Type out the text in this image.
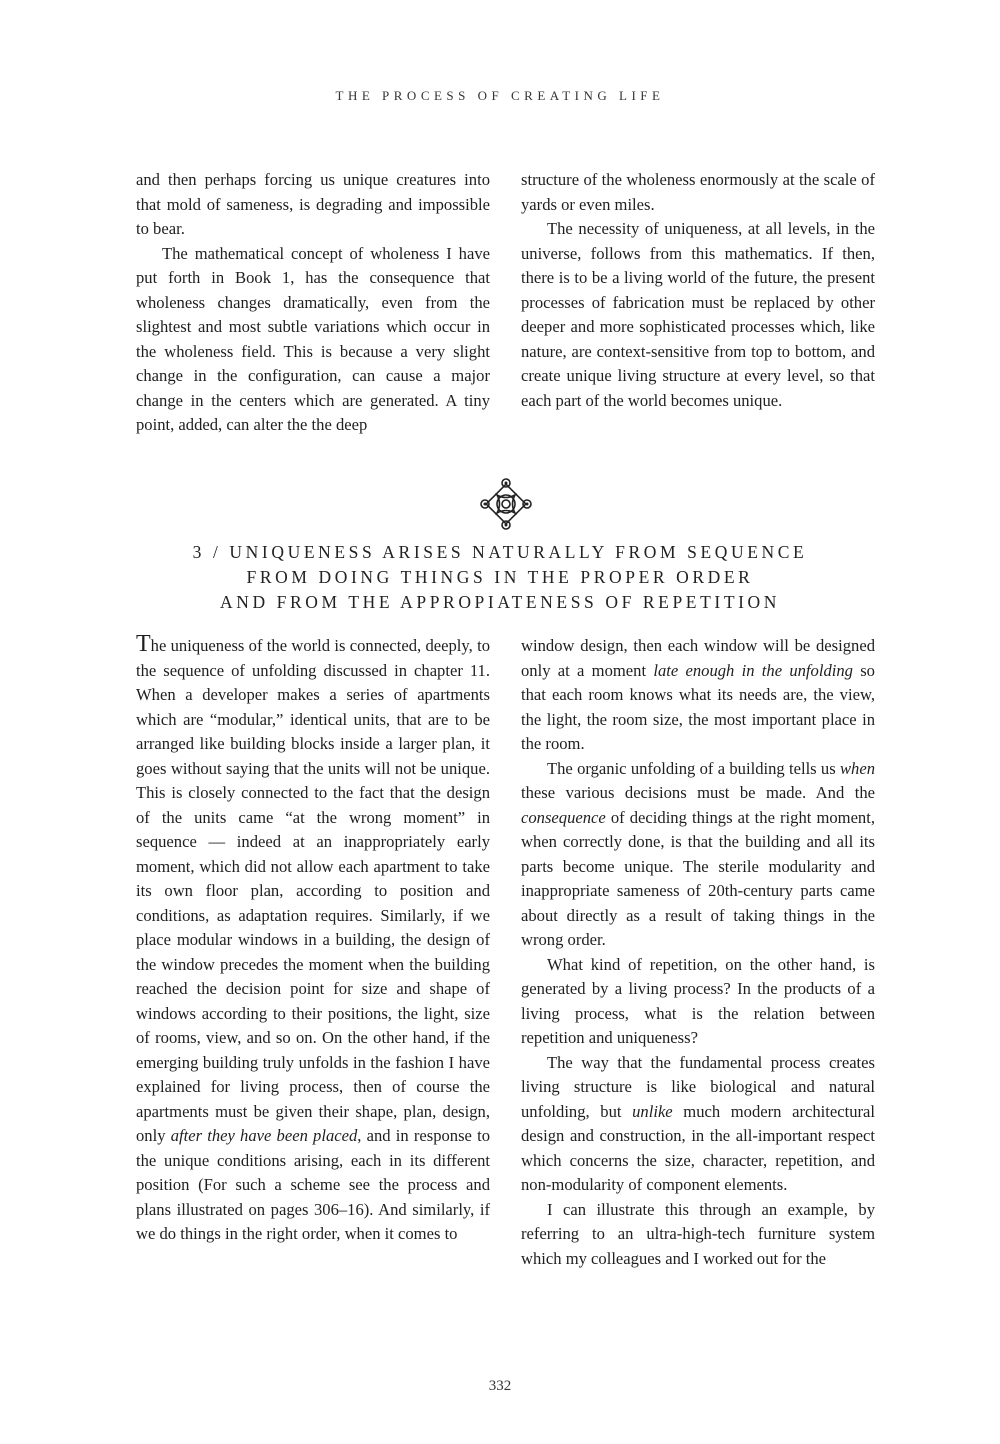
THE PROCESS OF CREATING LIFE

and then perhaps forcing us unique creatures into that mold of sameness, is degrading and impossible to bear.

The mathematical concept of wholeness I have put forth in Book 1, has the consequence that wholeness changes dramatically, even from the slightest and most subtle variations which occur in the wholeness field. This is because a very slight change in the configuration, can cause a major change in the centers which are generated. A tiny point, added, can alter the the deep

structure of the wholeness enormously at the scale of yards or even miles.

The necessity of uniqueness, at all levels, in the universe, follows from this mathematics. If then, there is to be a living world of the future, the present processes of fabrication must be replaced by other deeper and more sophisticated processes which, like nature, are context-sensitive from top to bottom, and create unique living structure at every level, so that each part of the world becomes unique.

3 / UNIQUENESS ARISES NATURALLY FROM SEQUENCE
FROM DOING THINGS IN THE PROPER ORDER
AND FROM THE APPROPIATENESS OF REPETITION

The uniqueness of the world is connected, deeply, to the sequence of unfolding discussed in chapter 11. When a developer makes a series of apartments which are “modular,” identical units, that are to be arranged like building blocks inside a larger plan, it goes without saying that the units will not be unique. This is closely connected to the fact that the design of the units came “at the wrong moment” in sequence — indeed at an inappropriately early moment, which did not allow each apartment to take its own floor plan, according to position and conditions, as adaptation requires. Similarly, if we place modular windows in a building, the design of the window precedes the moment when the building reached the decision point for size and shape of windows according to their positions, the light, size of rooms, view, and so on. On the other hand, if the emerging building truly unfolds in the fashion I have explained for living process, then of course the apartments must be given their shape, plan, design, only after they have been placed, and in response to the unique conditions arising, each in its different position (For such a scheme see the process and plans illustrated on pages 306–16). And similarly, if we do things in the right order, when it comes to

window design, then each window will be designed only at a moment late enough in the unfolding so that each room knows what its needs are, the view, the light, the room size, the most important place in the room.

The organic unfolding of a building tells us when these various decisions must be made. And the consequence of deciding things at the right moment, when correctly done, is that the building and all its parts become unique. The sterile modularity and inappropriate sameness of 20th-century parts came about directly as a result of taking things in the wrong order.

What kind of repetition, on the other hand, is generated by a living process? In the products of a living process, what is the relation between repetition and uniqueness?

The way that the fundamental process creates living structure is like biological and natural unfolding, but unlike much modern architectural design and construction, in the all-important respect which concerns the size, character, repetition, and non-modularity of component elements.

I can illustrate this through an example, by referring to an ultra-high-tech furniture system which my colleagues and I worked out for the

332
